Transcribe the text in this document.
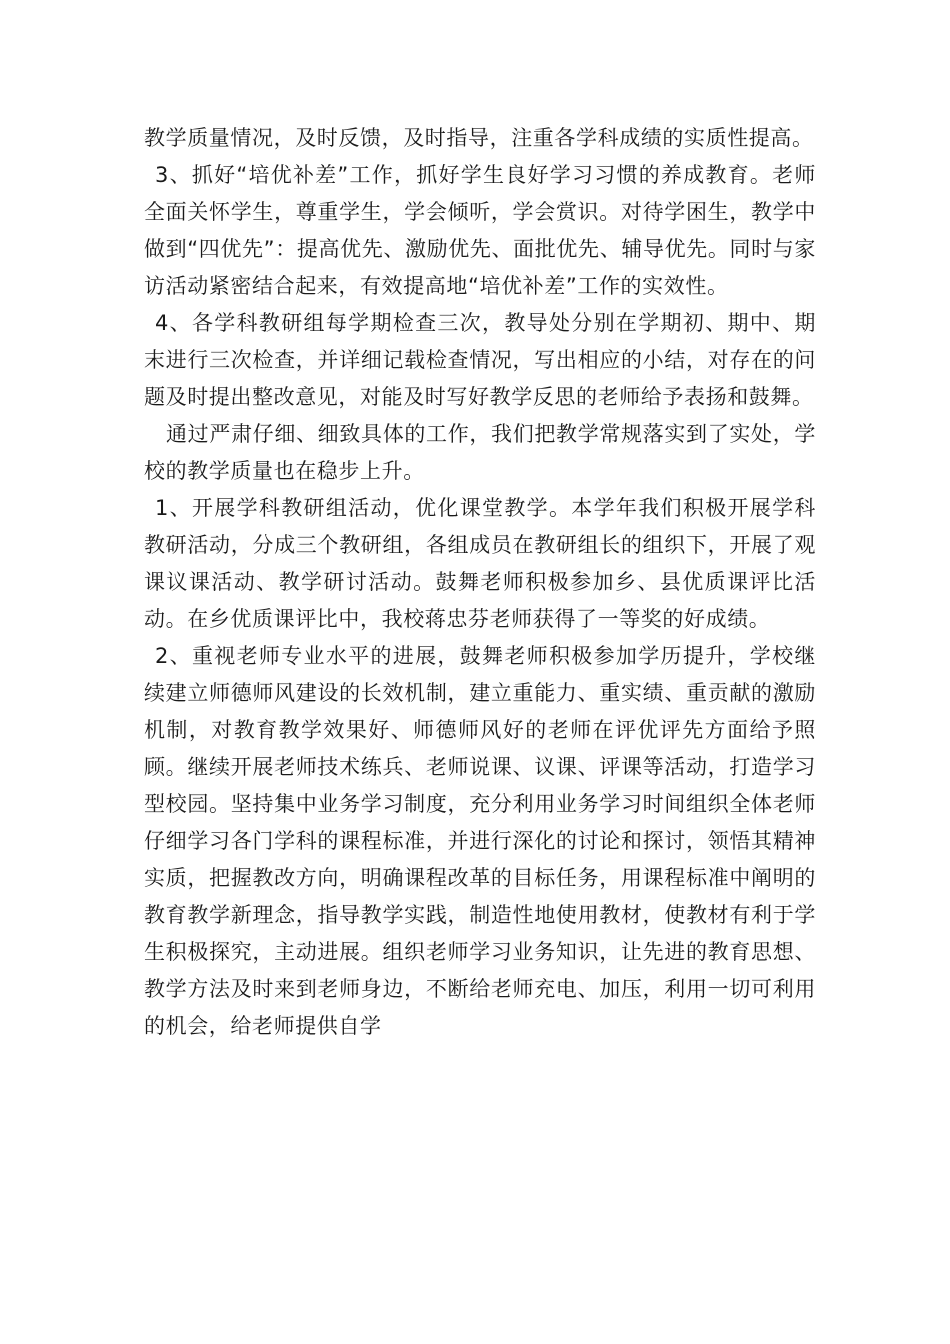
教学质量情况，及时反馈，及时指导，注重各学科成绩的实质性提高。

3、抓好“培优补差”工作，抓好学生良好学习习惯的养成教育。老师全面关怀学生，尊重学生，学会倾听，学会赏识。对待学困生，教学中做到“四优先”：提高优先、激励优先、面批优先、辅导优先。同时与家访活动紧密结合起来，有效提高地“培优补差”工作的实效性。

4、各学科教研组每学期检查三次，教导处分别在学期初、期中、期末进行三次检查，并详细记载检查情况，写出相应的小结，对存在的问题及时提出整改意见，对能及时写好教学反思的老师给予表扬和鼓舞。

通过严肃仔细、细致具体的工作，我们把教学常规落实到了实处，学校的教学质量也在稳步上升。

1、开展学科教研组活动，优化课堂教学。本学年我们积极开展学科教研活动，分成三个教研组，各组成员在教研组长的组织下，开展了观课议课活动、教学研讨活动。鼓舞老师积极参加乡、县优质课评比活动。在乡优质课评比中，我校蒋忠芬老师获得了一等奖的好成绩。

2、重视老师专业水平的进展，鼓舞老师积极参加学历提升，学校继续建立师德师风建设的长效机制，建立重能力、重实绩、重贡献的激励机制，对教育教学效果好、师德师风好的老师在评优评先方面给予照顾。继续开展老师技术练兵、老师说课、议课、评课等活动，打造学习型校园。坚持集中业务学习制度，充分利用业务学习时间组织全体老师仔细学习各门学科的课程标准，并进行深化的讨论和探讨，领悟其精神实质，把握教改方向，明确课程改革的目标任务，用课程标准中阐明的教育教学新理念，指导教学实践，制造性地使用教材，使教材有利于学生积极探究，主动进展。组织老师学习业务知识，让先进的教育思想、教学方法及时来到老师身边，不断给老师充电、加压，利用一切可利用的机会，给老师提供自学
